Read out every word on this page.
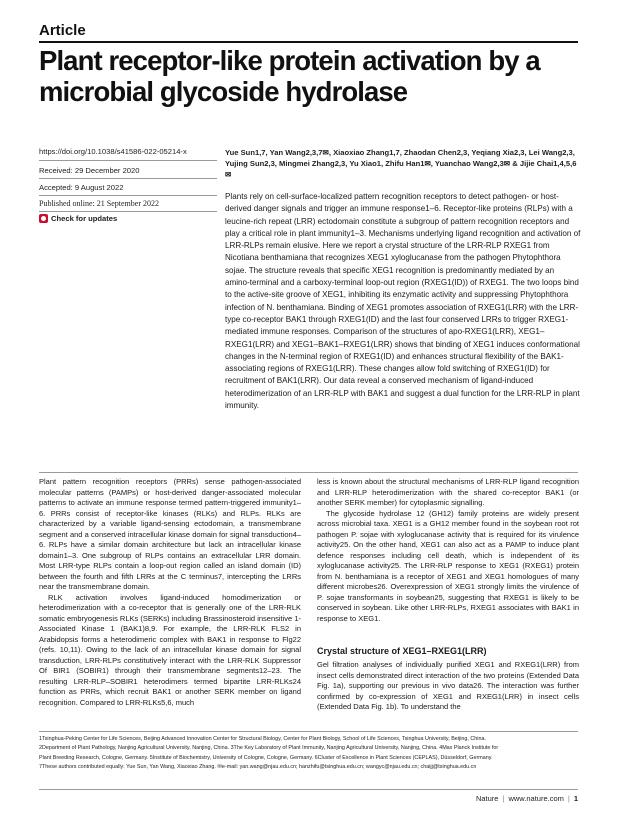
Article
Plant receptor-like protein activation by a microbial glycoside hydrolase
https://doi.org/10.1038/s41586-022-05214-x
Received: 29 December 2020
Accepted: 9 August 2022
Published online: 21 September 2022
Check for updates
Yue Sun1,7, Yan Wang2,3,7✉, Xiaoxiao Zhang1,7, Zhaodan Chen2,3, Yeqiang Xia2,3, Lei Wang2,3, Yujing Sun2,3, Mingmei Zhang2,3, Yu Xiao1, Zhifu Han1✉, Yuanchao Wang2,3✉ & Jijie Chai1,4,5,6✉
Plants rely on cell-surface-localized pattern recognition receptors to detect pathogen- or host-derived danger signals and trigger an immune response1–6. Receptor-like proteins (RLPs) with a leucine-rich repeat (LRR) ectodomain constitute a subgroup of pattern recognition receptors and play a critical role in plant immunity1–3. Mechanisms underlying ligand recognition and activation of LRR-RLPs remain elusive. Here we report a crystal structure of the LRR-RLP RXEG1 from Nicotiana benthamiana that recognizes XEG1 xyloglucanase from the pathogen Phytophthora sojae. The structure reveals that specific XEG1 recognition is predominantly mediated by an amino-terminal and a carboxy-terminal loop-out region (RXEG1(ID)) of RXEG1. The two loops bind to the active-site groove of XEG1, inhibiting its enzymatic activity and suppressing Phytophthora infection of N. benthamiana. Binding of XEG1 promotes association of RXEG1(LRR) with the LRR-type co-receptor BAK1 through RXEG1(ID) and the last four conserved LRRs to trigger RXEG1-mediated immune responses. Comparison of the structures of apo-RXEG1(LRR), XEG1–RXEG1(LRR) and XEG1–BAK1–RXEG1(LRR) shows that binding of XEG1 induces conformational changes in the N-terminal region of RXEG1(ID) and enhances structural flexibility of the BAK1-associating regions of RXEG1(LRR). These changes allow fold switching of RXEG1(ID) for recruitment of BAK1(LRR). Our data reveal a conserved mechanism of ligand-induced heterodimerization of an LRR-RLP with BAK1 and suggest a dual function for the LRR-RLP in plant immunity.

Plant pattern recognition receptors (PRRs) sense pathogen-associated molecular patterns (PAMPs) or host-derived danger-associated molecular patterns to activate an immune response termed pattern-triggered immunity1–6. PRRs consist of receptor-like kinases (RLKs) and RLPs. RLKs are characterized by a variable ligand-sensing ectodomain, a transmembrane segment and a conserved intracellular kinase domain for signal transduction4–6. RLPs have a similar domain architecture but lack an intracellular kinase domain1–3. One subgroup of RLPs contains an extracellular LRR domain. Most LRR-type RLPs contain a loop-out region called an island domain (ID) between the fourth and fifth LRRs at the C terminus7, intercepting the LRRs near the transmembrane domain.

RLK activation involves ligand-induced homodimerization or heterodimerization with a co-receptor that is generally one of the LRR-RLK somatic embryogenesis RLKs (SERKs) including Brassinosteroid insensitive 1-Associated Kinase 1 (BAK1)8,9. For example, the LRR-RLK FLS2 in Arabidopsis forms a heterodimeric complex with BAK1 in response to Flg22 (refs. 10,11). Owing to the lack of an intracellular kinase domain for signal transduction, LRR-RLPs constitutively interact with the LRR-RLK Suppressor Of BIR1 (SOBIR1) through their transmembrane segments12–23. The resulting LRR-RLP–SOBIR1 heterodimers termed bipartite LRR-RLKs24 function as PRRs, which recruit BAK1 or another SERK member on ligand recognition. Compared to LRR-RLKs5,6, much

less is known about the structural mechanisms of LRR-RLP ligand recognition and LRR-RLP heterodimerization with the shared co-receptor BAK1 (or another SERK member) for cytoplasmic signalling.

The glycoside hydrolase 12 (GH12) family proteins are widely present across microbial taxa. XEG1 is a GH12 member found in the soybean root rot pathogen P. sojae with xyloglucanase activity that is required for its virulence activity25. On the other hand, XEG1 can also act as a PAMP to induce plant defence responses including cell death, which is independent of its xyloglucanase activity25. The LRR-RLP response to XEG1 (RXEG1) protein from N. benthamiana is a receptor of XEG1 and XEG1 homologues of many different microbes26. Overexpression of XEG1 strongly limits the virulence of P. sojae transformants in soybean25, suggesting that RXEG1 is likely to be conserved in soybean. Like other LRR-RLPs, RXEG1 associates with BAK1 in response to XEG1.

Crystal structure of XEG1–RXEG1(LRR)
Gel filtration analyses of individually purified XEG1 and RXEG1(LRR) from insect cells demonstrated direct interaction of the two proteins (Extended Data Fig. 1a), supporting our previous in vivo data26. The interaction was further confirmed by co-expression of XEG1 and RXEG1(LRR) in insect cells (Extended Data Fig. 1b). To understand the
1Tsinghua-Peking Center for Life Sciences, Beijing Advanced Innovation Center for Structural Biology, Center for Plant Biology, School of Life Sciences, Tsinghua University, Beijing, China.
2Department of Plant Pathology, Nanjing Agricultural University, Nanjing, China. 3The Key Laboratory of Plant Immunity, Nanjing Agricultural University, Nanjing, China. 4Max Planck Institute for
Plant Breeding Research, Cologne, Germany. 5Institute of Biochemistry, University of Cologne, Cologne, Germany. 6Cluster of Excellence in Plant Sciences (CEPLAS), Düsseldorf, Germany.
7These authors contributed equally: Yue Sun, Yan Wang, Xiaoxiao Zhang. ✉e-mail: yan.wang@njau.edu.cn; hanzhifu@tsinghua.edu.cn; wangyc@njau.edu.cn; chaijj@tsinghua.edu.cn
Nature | www.nature.com | 1
